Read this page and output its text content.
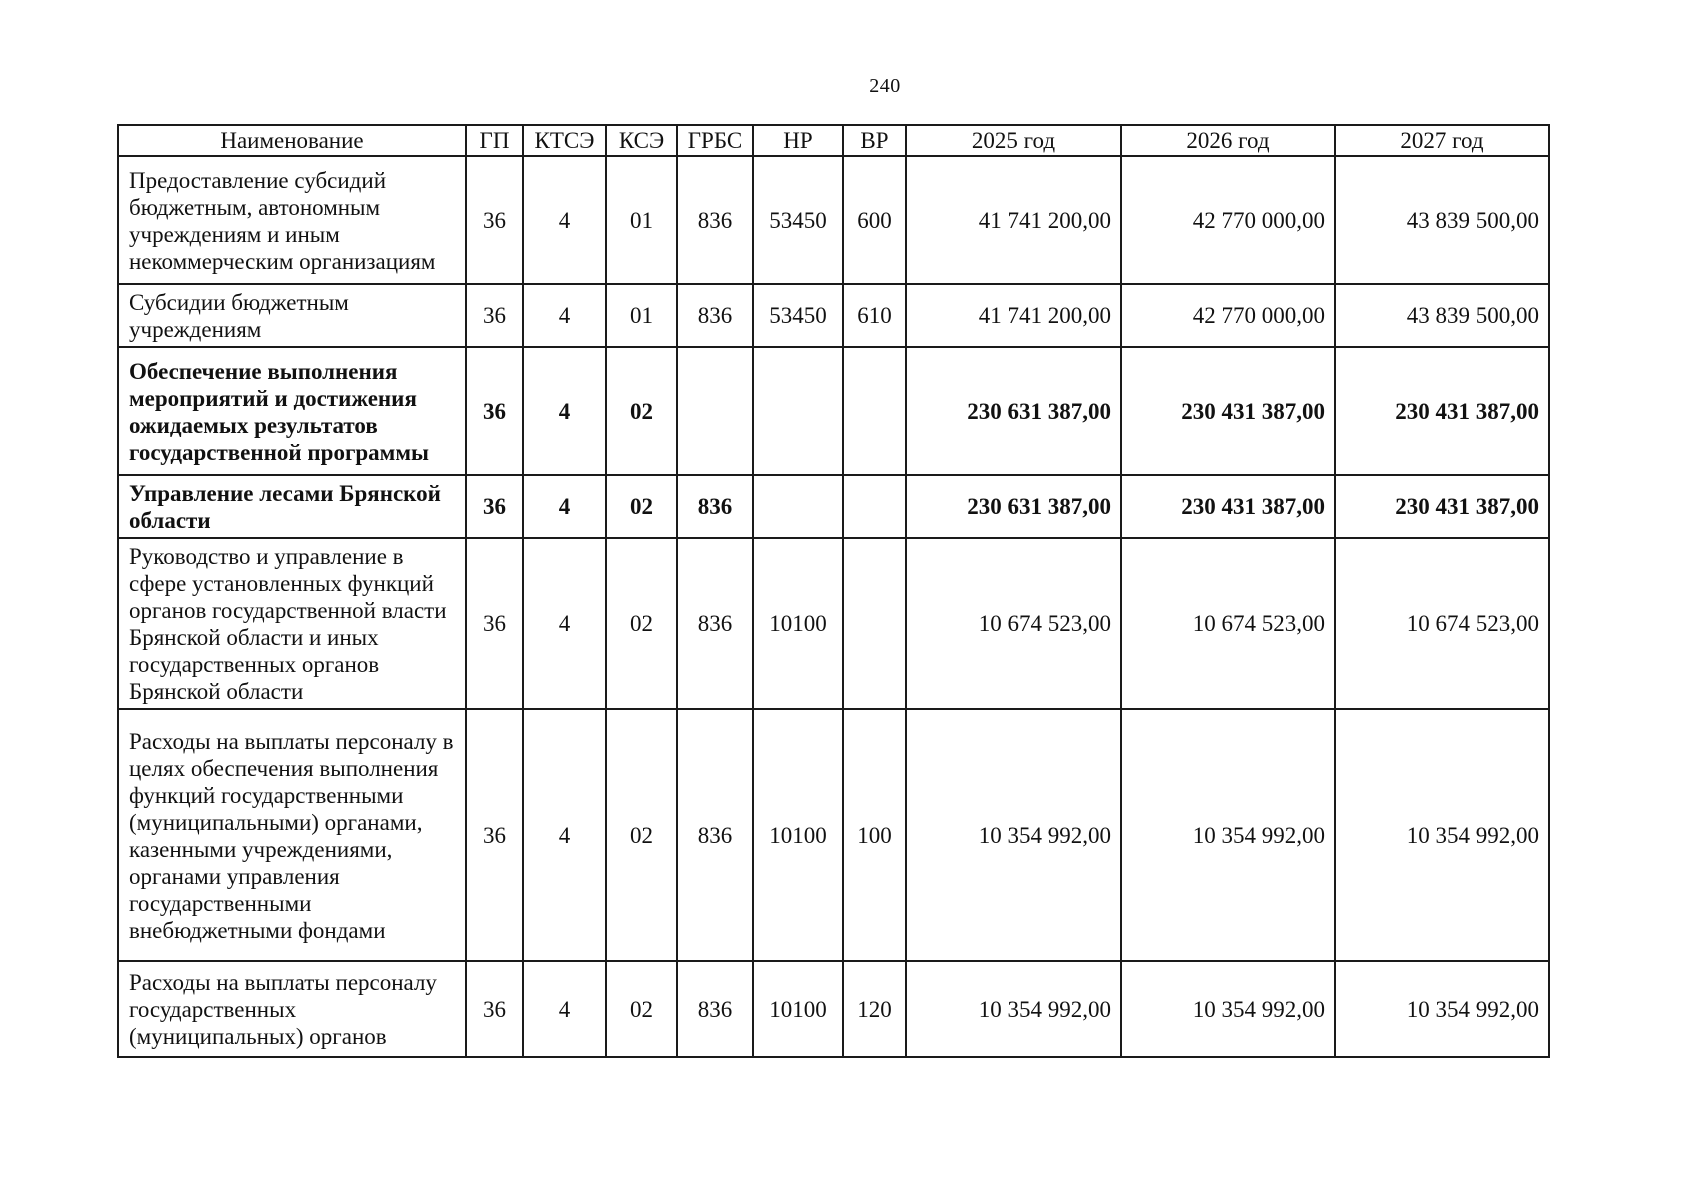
240
Наименование	ГП	КТСЭ	КСЭ	ГРБС	НР	ВР	2025 год	2026 год	2027 год
Предоставление субсидий бюджетным, автономным учреждениям и иным некоммерческим организациям	36	4	01	836	53450	600	41 741 200,00	42 770 000,00	43 839 500,00
Субсидии бюджетным учреждениям	36	4	01	836	53450	610	41 741 200,00	42 770 000,00	43 839 500,00
Обеспечение выполнения мероприятий и достижения ожидаемых результатов государственной программы	36	4	02				230 631 387,00	230 431 387,00	230 431 387,00
Управление лесами Брянской области	36	4	02	836			230 631 387,00	230 431 387,00	230 431 387,00
Руководство и управление в сфере установленных функций органов государственной власти Брянской области и иных государственных органов Брянской области	36	4	02	836	10100		10 674 523,00	10 674 523,00	10 674 523,00
Расходы на выплаты персоналу в целях обеспечения выполнения функций государственными (муниципальными) органами, казенными учреждениями, органами управления государственными внебюджетными фондами	36	4	02	836	10100	100	10 354 992,00	10 354 992,00	10 354 992,00
Расходы на выплаты персоналу государственных (муниципальных) органов	36	4	02	836	10100	120	10 354 992,00	10 354 992,00	10 354 992,00
